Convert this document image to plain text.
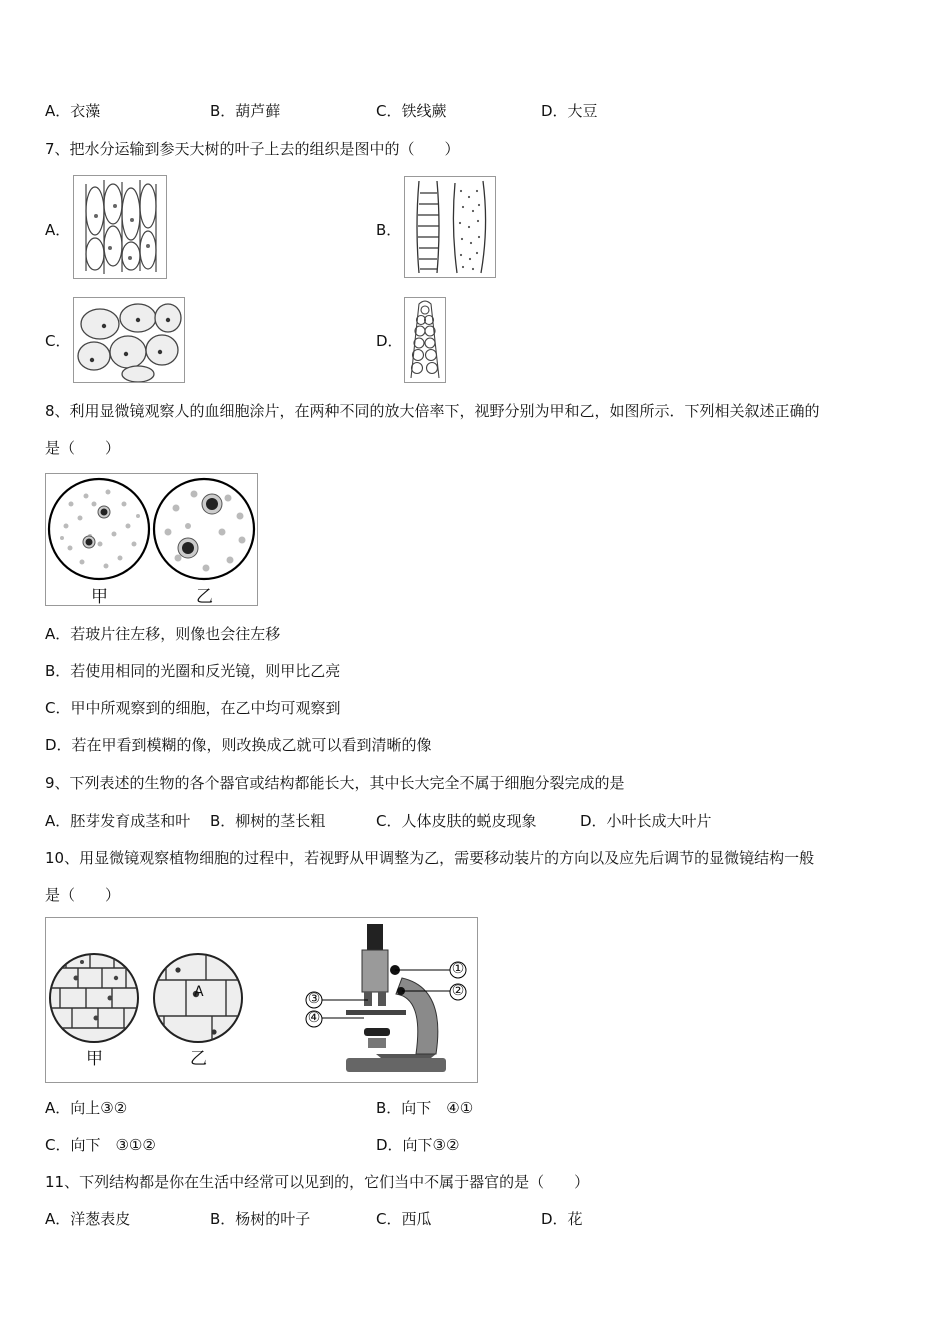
A．衣藻	B．葫芦藓	C．铁线蕨	D．大豆
7、把水分运输到参天大树的叶子上去的组织是图中的（　　）
A．	B．
C．	D．
8、利用显微镜观察人的血细胞涂片，在两种不同的放大倍率下，视野分别为甲和乙，如图所示．下列相关叙述正确的
是（　　）
甲	乙
A．若玻片往左移，则像也会往左移
B．若使用相同的光圈和反光镜，则甲比乙亮
C．甲中所观察到的细胞，在乙中均可观察到
D．若在甲看到模糊的像，则改换成乙就可以看到清晰的像
9、下列表述的生物的各个器官或结构都能长大，其中长大完全不属于细胞分裂完成的是
A．胚芽发育成茎和叶 B．柳树的茎长粗	C．人体皮肤的蜕皮现象	D．小叶长成大叶片
10、用显微镜观察植物细胞的过程中，若视野从甲调整为乙，需要移动装片的方向以及应先后调节的显微镜结构一般
是（　　）
甲	乙
A
①
②
③
④
A．向上③②	B．向下　④①
C．向下　③①②	D．向下③②
11、下列结构都是你在生活中经常可以见到的，它们当中不属于器官的是（　　）
A．洋葱表皮	B．杨树的叶子	C．西瓜	D．花
